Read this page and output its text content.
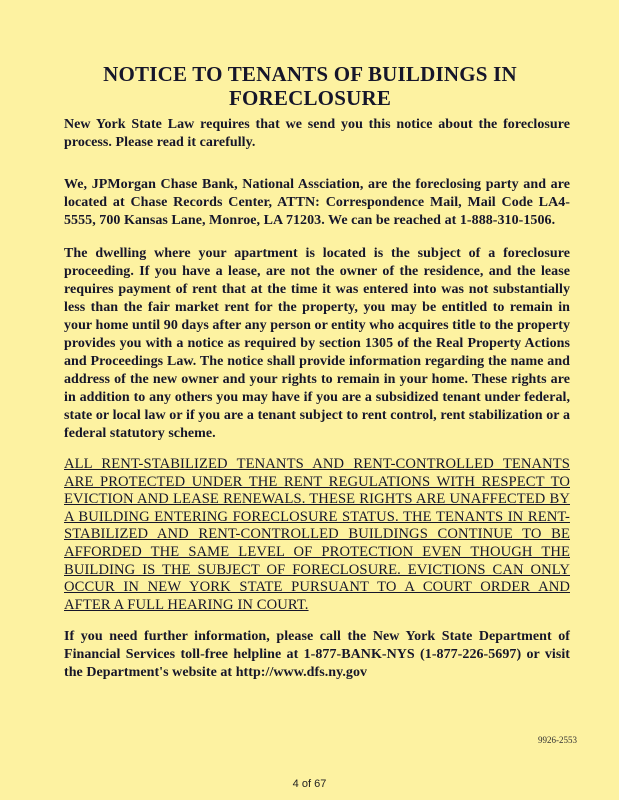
NOTICE TO TENANTS OF BUILDINGS IN FORECLOSURE
New York State Law requires that we send you this notice about the foreclosure process. Please read it carefully.
We, JPMorgan Chase Bank, National Assciation, are the foreclosing party and are located at Chase Records Center, ATTN: Correspondence Mail, Mail Code LA4-5555, 700 Kansas Lane, Monroe, LA 71203. We can be reached at 1-888-310-1506.
The dwelling where your apartment is located is the subject of a foreclosure proceeding. If you have a lease, are not the owner of the residence, and the lease requires payment of rent that at the time it was entered into was not substantially less than the fair market rent for the property, you may be entitled to remain in your home until 90 days after any person or entity who acquires title to the property provides you with a notice as required by section 1305 of the Real Property Actions and Proceedings Law. The notice shall provide information regarding the name and address of the new owner and your rights to remain in your home. These rights are in addition to any others you may have if you are a subsidized tenant under federal, state or local law or if you are a tenant subject to rent control, rent stabilization or a federal statutory scheme.
ALL RENT-STABILIZED TENANTS AND RENT-CONTROLLED TENANTS ARE PROTECTED UNDER THE RENT REGULATIONS WITH RESPECT TO EVICTION AND LEASE RENEWALS. THESE RIGHTS ARE UNAFFECTED BY A BUILDING ENTERING FORECLOSURE STATUS. THE TENANTS IN RENT-STABILIZED AND RENT-CONTROLLED BUILDINGS CONTINUE TO BE AFFORDED THE SAME LEVEL OF PROTECTION EVEN THOUGH THE BUILDING IS THE SUBJECT OF FORECLOSURE. EVICTIONS CAN ONLY OCCUR IN NEW YORK STATE PURSUANT TO A COURT ORDER AND AFTER A FULL HEARING IN COURT.
If you need further information, please call the New York State Department of Financial Services toll-free helpline at 1-877-BANK-NYS (1-877-226-5697) or visit the Department's website at http://www.dfs.ny.gov
9926-2553
4 of 67
